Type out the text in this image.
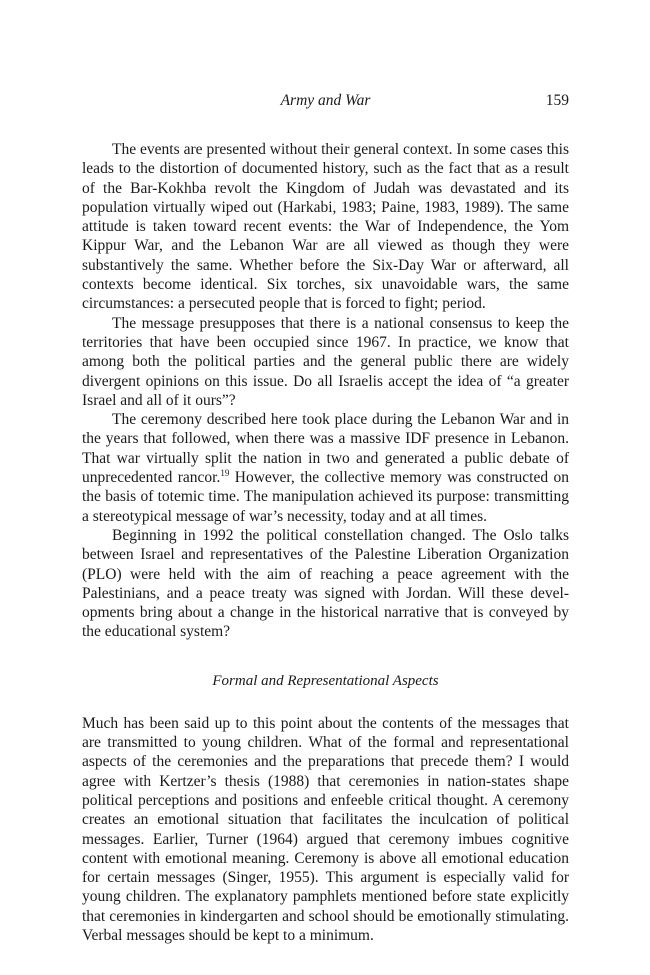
Army and War	159

The events are presented without their general context. In some cases this leads to the distortion of documented history, such as the fact that as a result of the Bar-Kokhba revolt the Kingdom of Judah was devastated and its population virtually wiped out (Harkabi, 1983; Paine, 1983, 1989). The same attitude is taken toward recent events: the War of Independence, the Yom Kippur War, and the Lebanon War are all viewed as though they were substantively the same. Whether before the Six-Day War or afterward, all contexts become identical. Six torches, six unavoidable wars, the same circumstances: a persecuted people that is forced to fight; period.

The message presupposes that there is a national consensus to keep the territories that have been occupied since 1967. In practice, we know that among both the political parties and the general public there are widely divergent opinions on this issue. Do all Israelis accept the idea of “a greater Israel and all of it ours”?

The ceremony described here took place during the Lebanon War and in the years that followed, when there was a massive IDF presence in Lebanon. That war virtually split the nation in two and generated a public debate of unprecedented rancor.$^{19}$ However, the collective memory was constructed on the basis of totemic time. The manipulation achieved its purpose: transmitting a stereotypical message of war’s necessity, today and at all times.

Beginning in 1992 the political constellation changed. The Oslo talks between Israel and representatives of the Palestine Liberation Organization (PLO) were held with the aim of reaching a peace agreement with the Palestinians, and a peace treaty was signed with Jordan. Will these developments bring about a change in the historical narrative that is conveyed by the educational system?

Formal and Representational Aspects

Much has been said up to this point about the contents of the messages that are transmitted to young children. What of the formal and representational aspects of the ceremonies and the preparations that precede them? I would agree with Kertzer’s thesis (1988) that ceremonies in nation-states shape political perceptions and positions and enfeeble critical thought. A ceremony creates an emotional situation that facilitates the inculcation of political messages. Earlier, Turner (1964) argued that ceremony imbues cognitive content with emotional meaning. Ceremony is above all emotional education for certain messages (Singer, 1955). This argument is especially valid for young children. The explanatory pamphlets mentioned before state explicitly that ceremonies in kindergarten and school should be emotionally stimulating. Verbal messages should be kept to a minimum.
